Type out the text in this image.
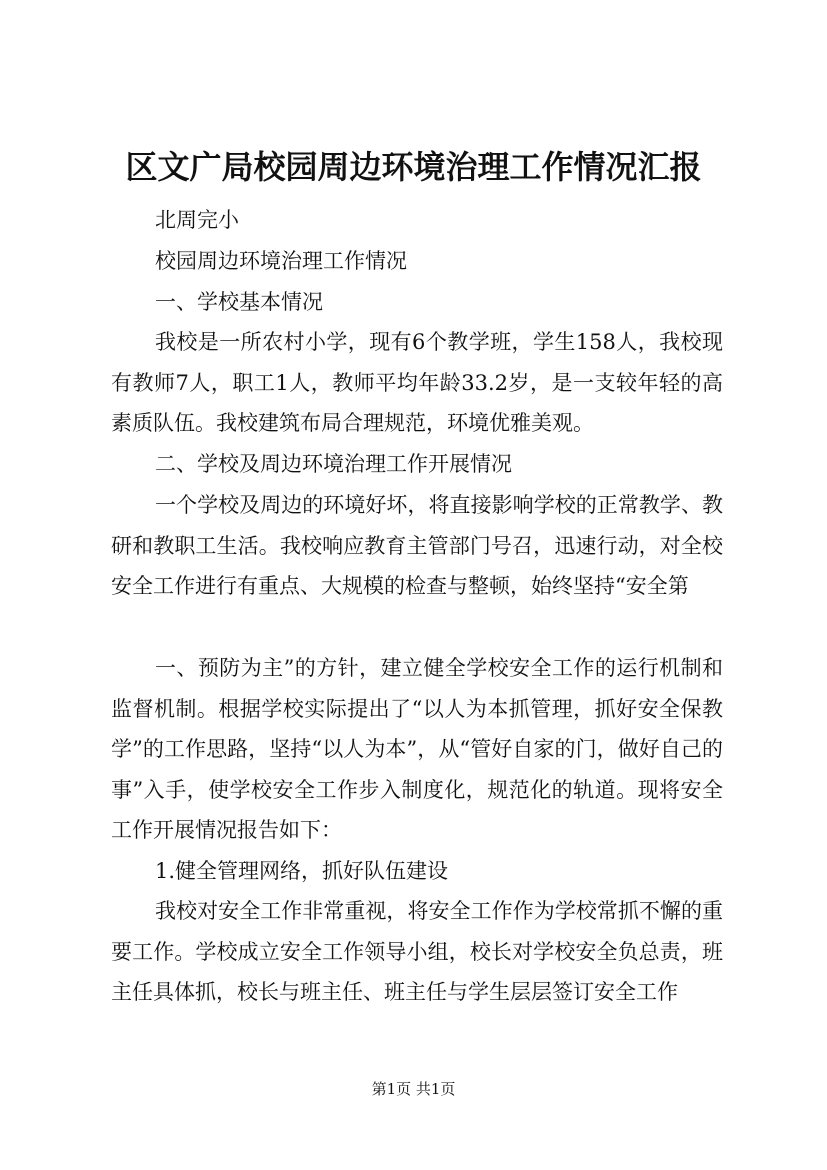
区文广局校园周边环境治理工作情况汇报

北周完小

校园周边环境治理工作情况

一、学校基本情况

我校是一所农村小学，现有6个教学班，学生158人，我校现有教师7人，职工1人，教师平均年龄33.2岁，是一支较年轻的高素质队伍。我校建筑布局合理规范，环境优雅美观。

二、学校及周边环境治理工作开展情况

一个学校及周边的环境好坏，将直接影响学校的正常教学、教研和教职工生活。我校响应教育主管部门号召，迅速行动，对全校安全工作进行有重点、大规模的检查与整顿，始终坚持“安全第

一、预防为主”的方针，建立健全学校安全工作的运行机制和监督机制。根据学校实际提出了“以人为本抓管理，抓好安全保教学”的工作思路，坚持“以人为本”，从“管好自家的门，做好自己的事”入手，使学校安全工作步入制度化，规范化的轨道。现将安全工作开展情况报告如下：

1.健全管理网络，抓好队伍建设

我校对安全工作非常重视，将安全工作作为学校常抓不懈的重要工作。学校成立安全工作领导小组，校长对学校安全负总责，班主任具体抓，校长与班主任、班主任与学生层层签订安全工作

第1页 共1页
